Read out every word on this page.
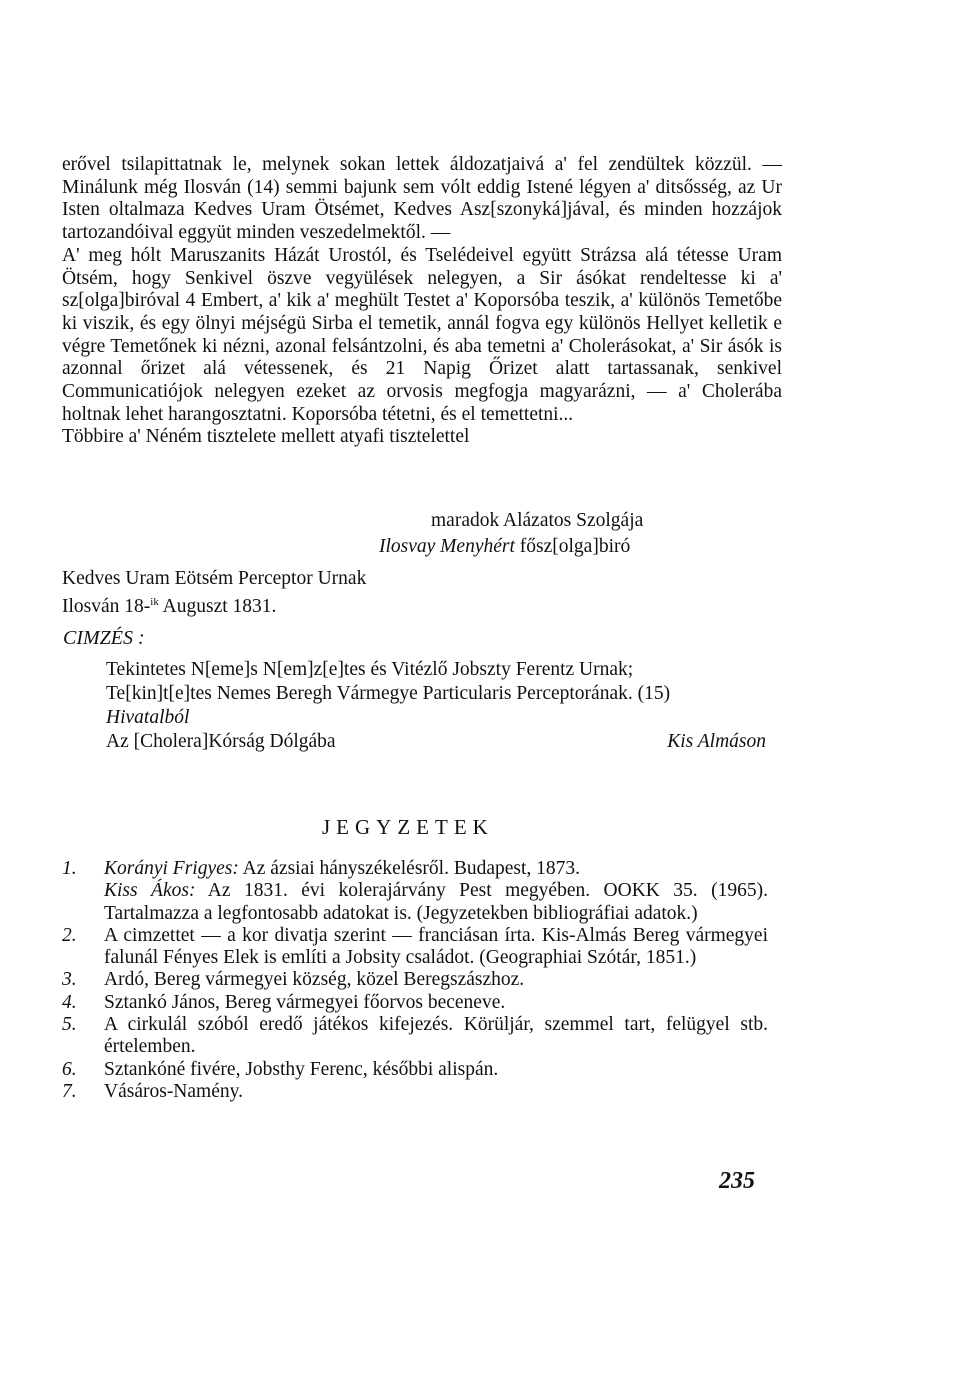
erővel tsilapittatnak le, melynek sokan lettek áldozatjaivá a' fel zendültek közzül. — Minálunk még Ilosván (14) semmi bajunk sem vólt eddig Istené légyen a' ditsősség, az Ur Isten oltalmaza Kedves Uram Ötsémet, Kedves Asz[szonyká]jával, és minden hozzájok tartozandóival eggyüt minden veszedelmektől. —

A' meg hólt Maruszanits Házát Urostól, és Tselédeivel együtt Strázsa alá tétesse Uram Ötsém, hogy Senkivel öszve vegyülések nelegyen, a Sir ásókat rendeltesse ki a' sz[olga]biróval 4 Embert, a' kik a' meghült Testet a' Koporsóba teszik, a' különös Temetőbe ki viszik, és egy ölnyi méjségü Sirba el temetik, annál fogva egy különös Hellyet kelletik e végre Temetőnek ki nézni, azonal felsántzolni, és aba temetni a' Cholerásokat, a' Sir ásók is azonnal őrizet alá vétessenek, és 21 Napig Őrizet alatt tartassanak, senkivel Communicatiójok nelegyen ezeket az orvosis megfogja magyarázni, — a' Cholerába holtnak lehet harangosztatni. Koporsóba tétetni, és el temettetni...

Többire a' Néném tisztelete mellett atyafi tisztelettel

maradok Alázatos Szolgája
Ilosvay Menyhért fősz[olga]biró
Kedves Uram Eötsém Perceptor Urnak
Ilosván 18-$^{ik}$ Auguszt 1831.
CIMZÉS :
Tekintetes N[eme]s N[em]z[e]tes és Vitézlő Jobszty Ferentz Urnak;
Te[kin]t[e]tes Nemes Beregh Vármegye Particularis Perceptorának. (15)
Hivatalból
Az [Cholera]Kórság Dólgába	Kis Almáson
JEGYZETEK
1.	Korányi Frigyes: Az ázsiai hányszékelésről. Budapest, 1873.
Kiss Ákos: Az 1831. évi kolerajárvány Pest megyében. OOKK 35. (1965). Tartalmazza a legfontosabb adatokat is. (Jegyzetekben bibliográfiai adatok.)
2.	A cimzettet — a kor divatja szerint — franciásan írta. Kis-Almás Bereg vármegyei falunál Fényes Elek is említi a Jobsity családot. (Geographiai Szótár, 1851.)
3.	Ardó, Bereg vármegyei község, közel Beregszászhoz.
4.	Sztankó János, Bereg vármegyei főorvos beceneve.
5.	A cirkulál szóból eredő játékos kifejezés. Körüljár, szemmel tart, felügyel stb. értelemben.
6.	Sztankóné fivére, Jobsthy Ferenc, későbbi alispán.
7.	Vásáros-Namény.
235
